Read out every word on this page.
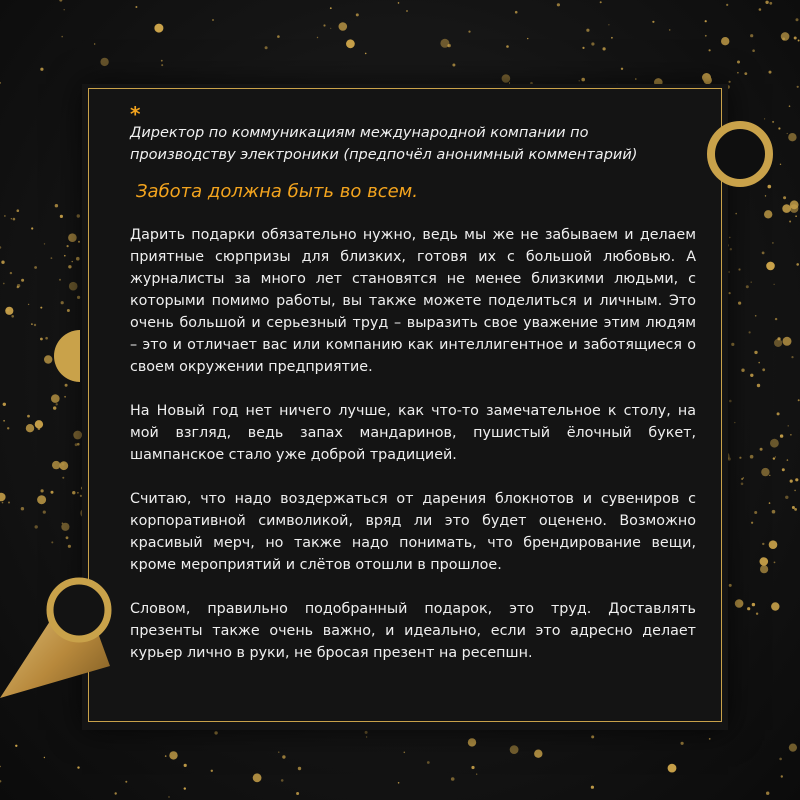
*

Директор по коммуникациям международной компании по производству электроники (предпочёл анонимный комментарий)

Забота должна быть во всем.

Дарить подарки обязательно нужно, ведь мы же не забываем и делаем приятные сюрпризы для близких, готовя их с большой любовью. А журналисты за много лет становятся не менее близкими людьми, с которыми помимо работы, вы также можете поделиться и личным. Это очень большой и серьезный труд – выразить свое уважение этим людям – это и отличает вас или компанию как интеллигентное и заботящиеся о своем окружении предприятие.

На Новый год нет ничего лучше, как что-то замечательное к столу, на мой взгляд, ведь запах мандаринов, пушистый ёлочный букет, шампанское стало уже доброй традицией.

Считаю, что надо воздержаться от дарения блокнотов и сувениров с корпоративной символикой, вряд ли это будет оценено. Возможно красивый мерч, но также надо понимать, что брендирование вещи, кроме мероприятий и слётов отошли в прошлое.

Словом, правильно подобранный подарок, это труд. Доставлять презенты также очень важно, и идеально, если это адресно делает курьер лично в руки, не бросая презент на ресепшн.
